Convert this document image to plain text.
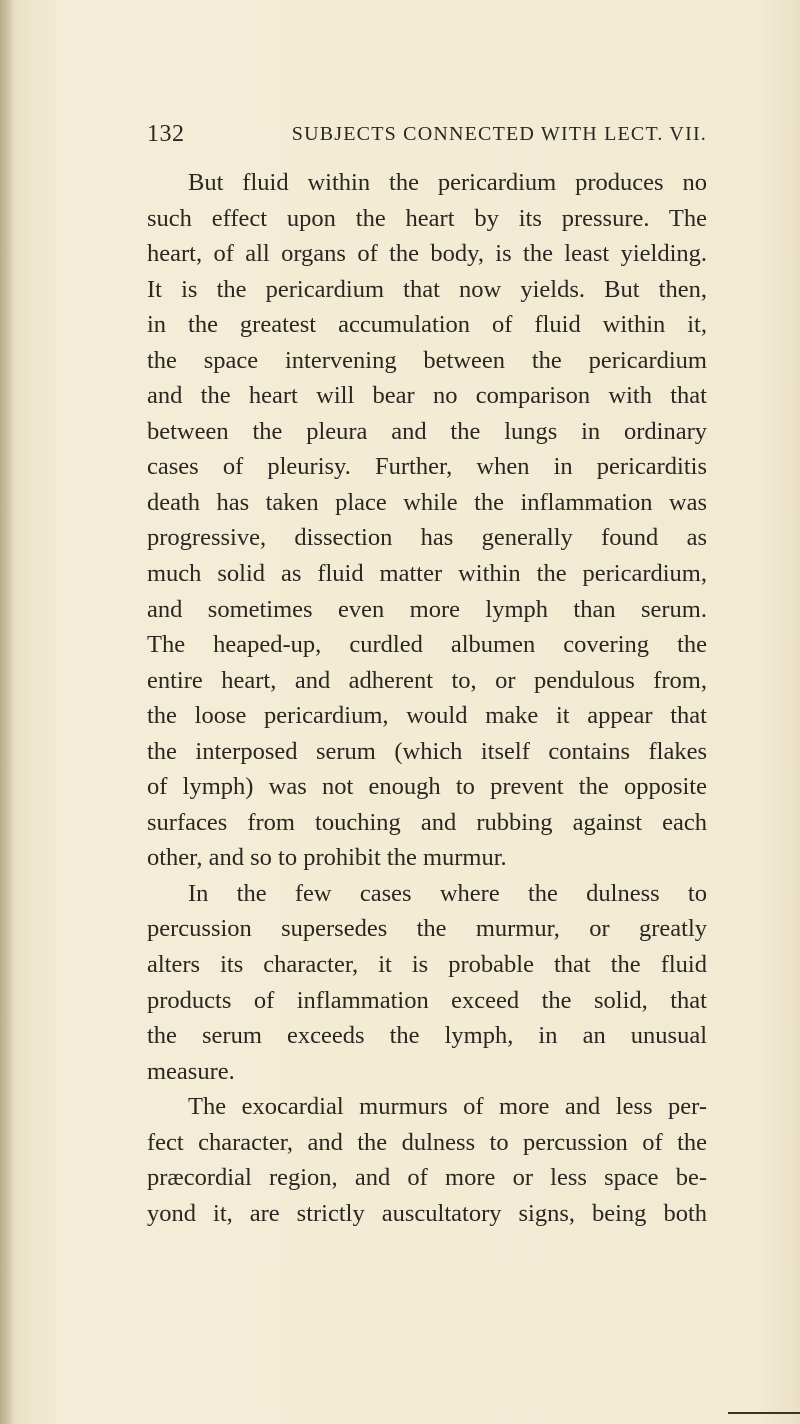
132	SUBJECTS CONNECTED WITH LECT. VII.
But fluid within the pericardium produces no
such effect upon the heart by its pressure. The
heart, of all organs of the body, is the least yielding.
It is the pericardium that now yields. But then,
in the greatest accumulation of fluid within it,
the space intervening between the pericardium
and the heart will bear no comparison with that
between the pleura and the lungs in ordinary
cases of pleurisy. Further, when in pericarditis
death has taken place while the inflammation was
progressive, dissection has generally found as
much solid as fluid matter within the pericardium,
and sometimes even more lymph than serum.
The heaped-up, curdled albumen covering the
entire heart, and adherent to, or pendulous from,
the loose pericardium, would make it appear that
the interposed serum (which itself contains flakes
of lymph) was not enough to prevent the opposite
surfaces from touching and rubbing against each
other, and so to prohibit the murmur.
In the few cases where the dulness to
percussion supersedes the murmur, or greatly
alters its character, it is probable that the fluid
products of inflammation exceed the solid, that
the serum exceeds the lymph, in an unusual
measure.
The exocardial murmurs of more and less per-
fect character, and the dulness to percussion of the
præcordial region, and of more or less space be-
yond it, are strictly auscultatory signs, being both
